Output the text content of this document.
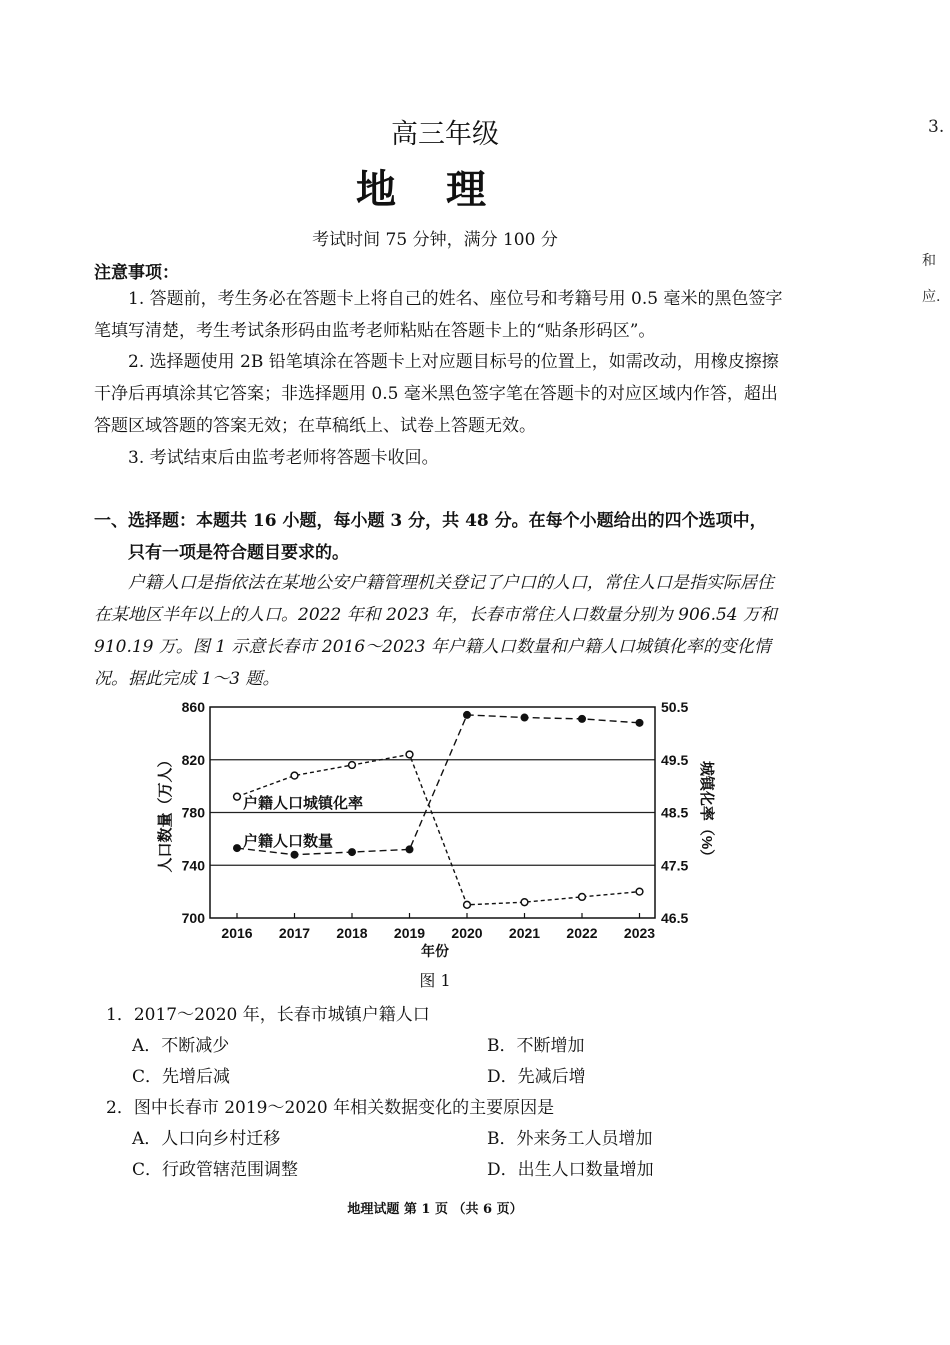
3.
和
应.
高三年级
地 理
考试时间 75 分钟，满分 100 分
注意事项：
1. 答题前，考生务必在答题卡上将自己的姓名、座位号和考籍号用 0.5 毫米的黑色签字笔填写清楚，考生考试条形码由监考老师粘贴在答题卡上的“贴条形码区”。
2. 选择题使用 2B 铅笔填涂在答题卡上对应题目标号的位置上，如需改动，用橡皮擦擦干净后再填涂其它答案；非选择题用 0.5 毫米黑色签字笔在答题卡的对应区域内作答，超出答题区域答题的答案无效；在草稿纸上、试卷上答题无效。
3. 考试结束后由监考老师将答题卡收回。
一、选择题：本题共 16 小题，每小题 3 分，共 48 分。在每个小题给出的四个选项中，
只有一项是符合题目要求的。
户籍人口是指依法在某地公安户籍管理机关登记了户口的人口，常住人口是指实际居住在某地区半年以上的人口。2022 年和 2023 年，长春市常住人口数量分别为 906.54 万和 910.19 万。图 1 示意长春市 2016～2023 年户籍人口数量和户籍人口城镇化率的变化情况。据此完成 1～3 题。
700
740
780
820
860
46.5
47.5
48.5
49.5
50.5
2016 2017 2018 2019 2020 2021 2022 2023
年份
人口数量（万人）	城镇化率（%）
户籍人口城镇化率
户籍人口数量
图 1
1．2017～2020 年，长春市城镇户籍人口
A．不断减少	B．不断增加
C．先增后减	D．先减后增
2．图中长春市 2019～2020 年相关数据变化的主要原因是
A．人口向乡村迁移	B．外来务工人员增加
C．行政管辖范围调整	D．出生人口数量增加
地理试题 第 1 页 （共 6 页）
